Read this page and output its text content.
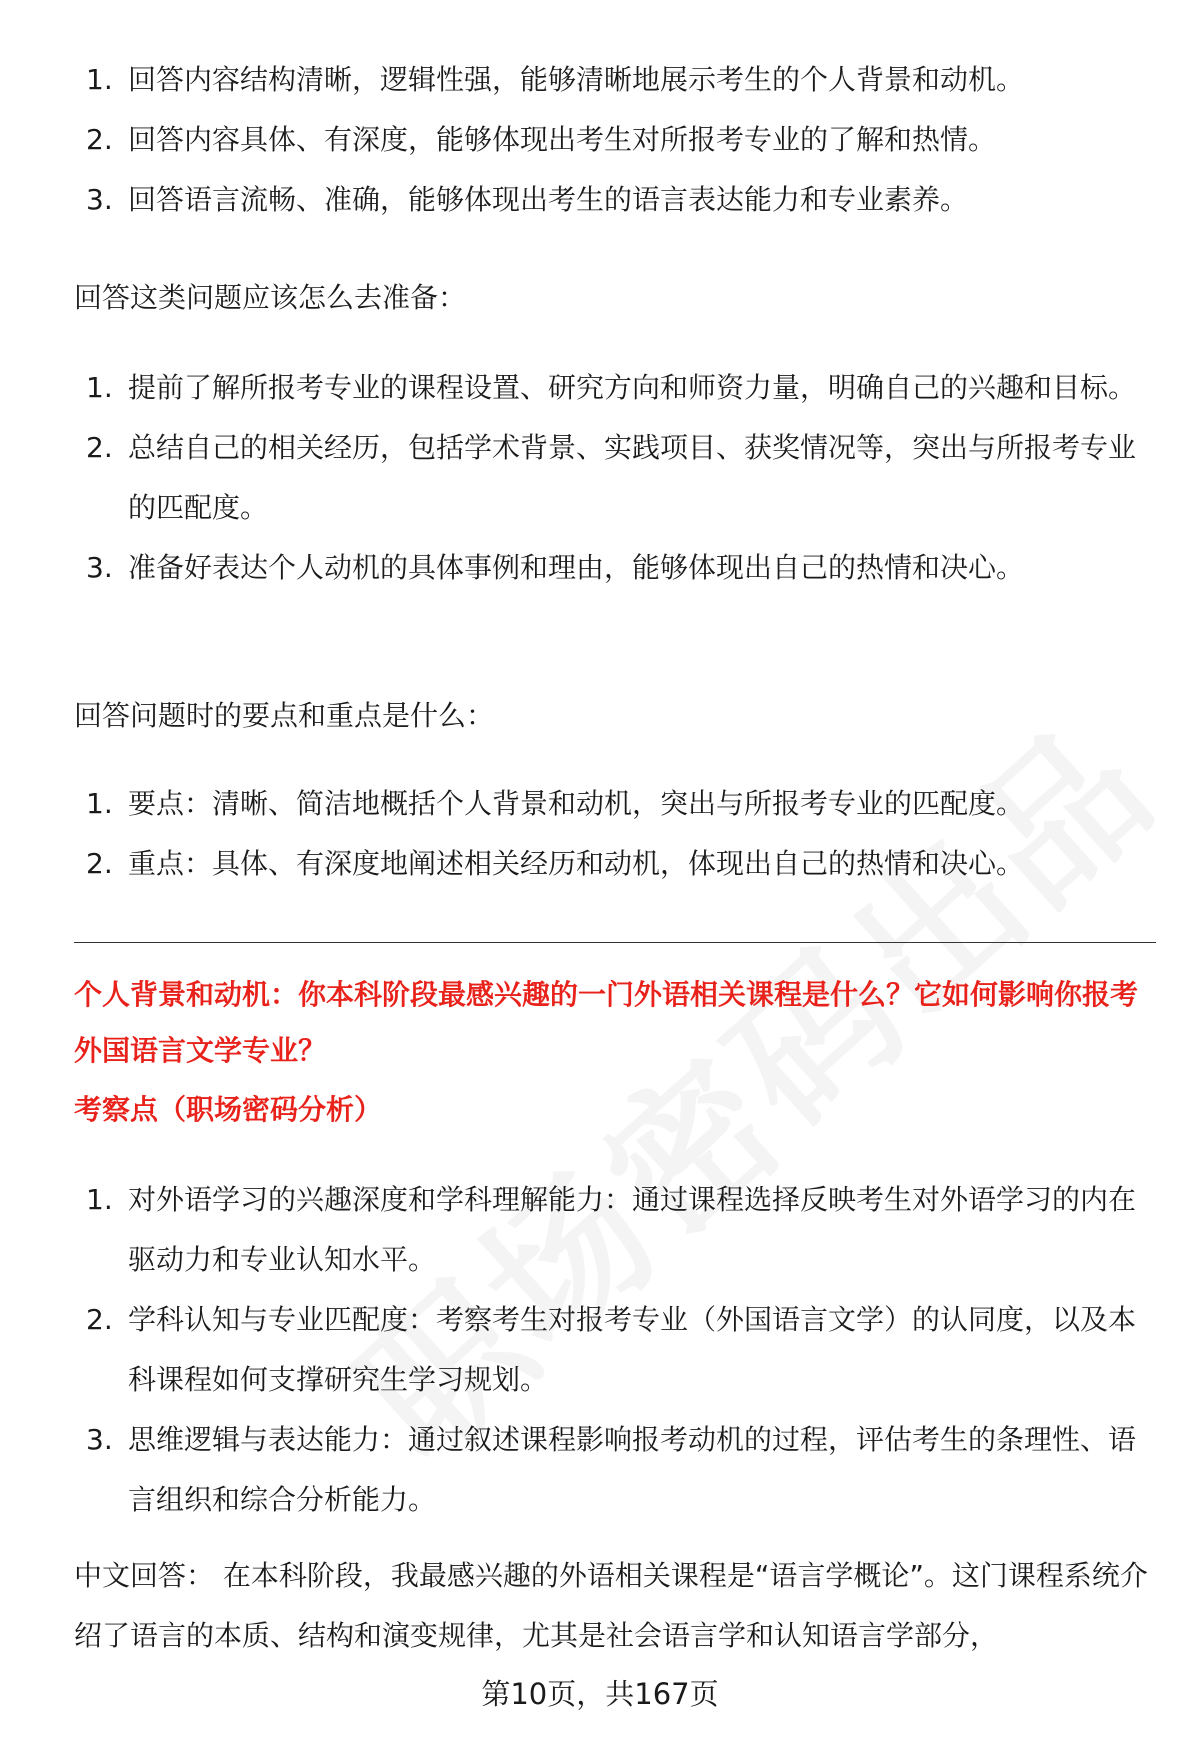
1. 回答内容结构清晰，逻辑性强，能够清晰地展示考生的个人背景和动机。
2. 回答内容具体、有深度，能够体现出考生对所报考专业的了解和热情。
3. 回答语言流畅、准确，能够体现出考生的语言表达能力和专业素养。
回答这类问题应该怎么去准备：
1. 提前了解所报考专业的课程设置、研究方向和师资力量，明确自己的兴趣和目标。
2. 总结自己的相关经历，包括学术背景、实践项目、获奖情况等，突出与所报考专业的匹配度。
3. 准备好表达个人动机的具体事例和理由，能够体现出自己的热情和决心。
回答问题时的要点和重点是什么：
1. 要点：清晰、简洁地概括个人背景和动机，突出与所报考专业的匹配度。
2. 重点：具体、有深度地阐述相关经历和动机，体现出自己的热情和决心。
个人背景和动机：你本科阶段最感兴趣的一门外语相关课程是什么？它如何影响你报考外国语言文学专业？
考察点（职场密码分析）
1. 对外语学习的兴趣深度和学科理解能力：通过课程选择反映考生对外语学习的内在驱动力和专业认知水平。
2. 学科认知与专业匹配度：考察考生对报考专业（外国语言文学）的认同度，以及本科课程如何支撑研究生学习规划。
3. 思维逻辑与表达能力：通过叙述课程影响报考动机的过程，评估考生的条理性、语言组织和综合分析能力。
中文回答： 在本科阶段，我最感兴趣的外语相关课程是“语言学概论”。这门课程系统介绍了语言的本质、结构和演变规律，尤其是社会语言学和认知语言学部分，
第10页，共167页
